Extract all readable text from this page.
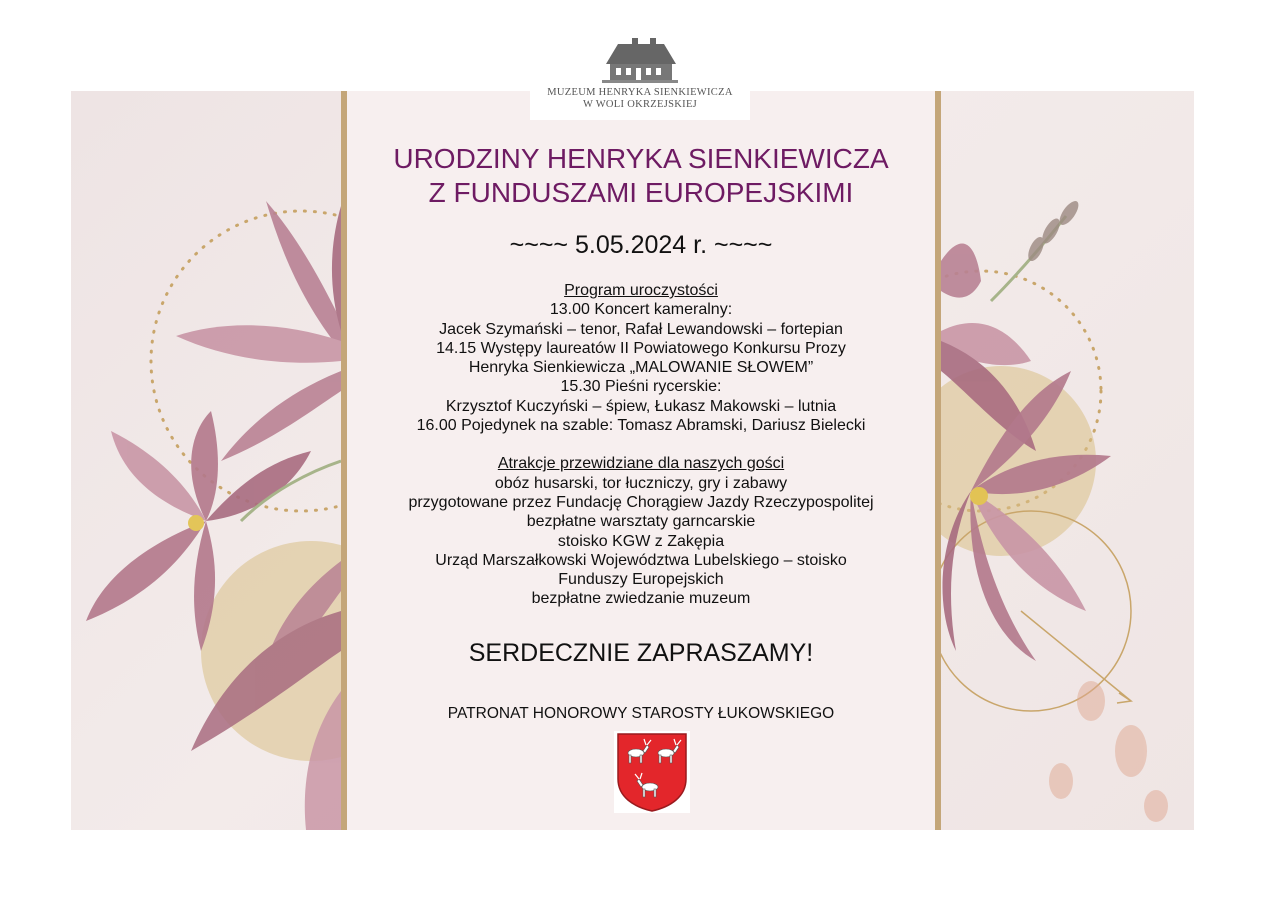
MUZEUM HENRYKA SIENKIEWICZA
W WOLI OKRZEJSKIEJ
URODZINY HENRYKA SIENKIEWICZA
Z FUNDUSZAMI EUROPEJSKIMI
~~~~ 5.05.2024 r. ~~~~
Program uroczystości
13.00 Koncert kameralny:
Jacek Szymański – tenor, Rafał Lewandowski – fortepian
14.15 Występy laureatów II Powiatowego Konkursu Prozy
Henryka Sienkiewicza „MALOWANIE SŁOWEM”
15.30 Pieśni rycerskie:
Krzysztof Kuczyński – śpiew, Łukasz Makowski – lutnia
16.00 Pojedynek na szable: Tomasz Abramski, Dariusz Bielecki
Atrakcje przewidziane dla naszych gości
obóz husarski, tor łuczniczy, gry i zabawy
przygotowane przez Fundację Chorągiew Jazdy Rzeczypospolitej
bezpłatne warsztaty garncarskie
stoisko KGW z Zakępia
Urząd Marszałkowski Województwa Lubelskiego – stoisko
Funduszy Europejskich
bezpłatne zwiedzanie muzeum
SERDECZNIE ZAPRASZAMY!
PATRONAT HONOROWY STAROSTY ŁUKOWSKIEGO
